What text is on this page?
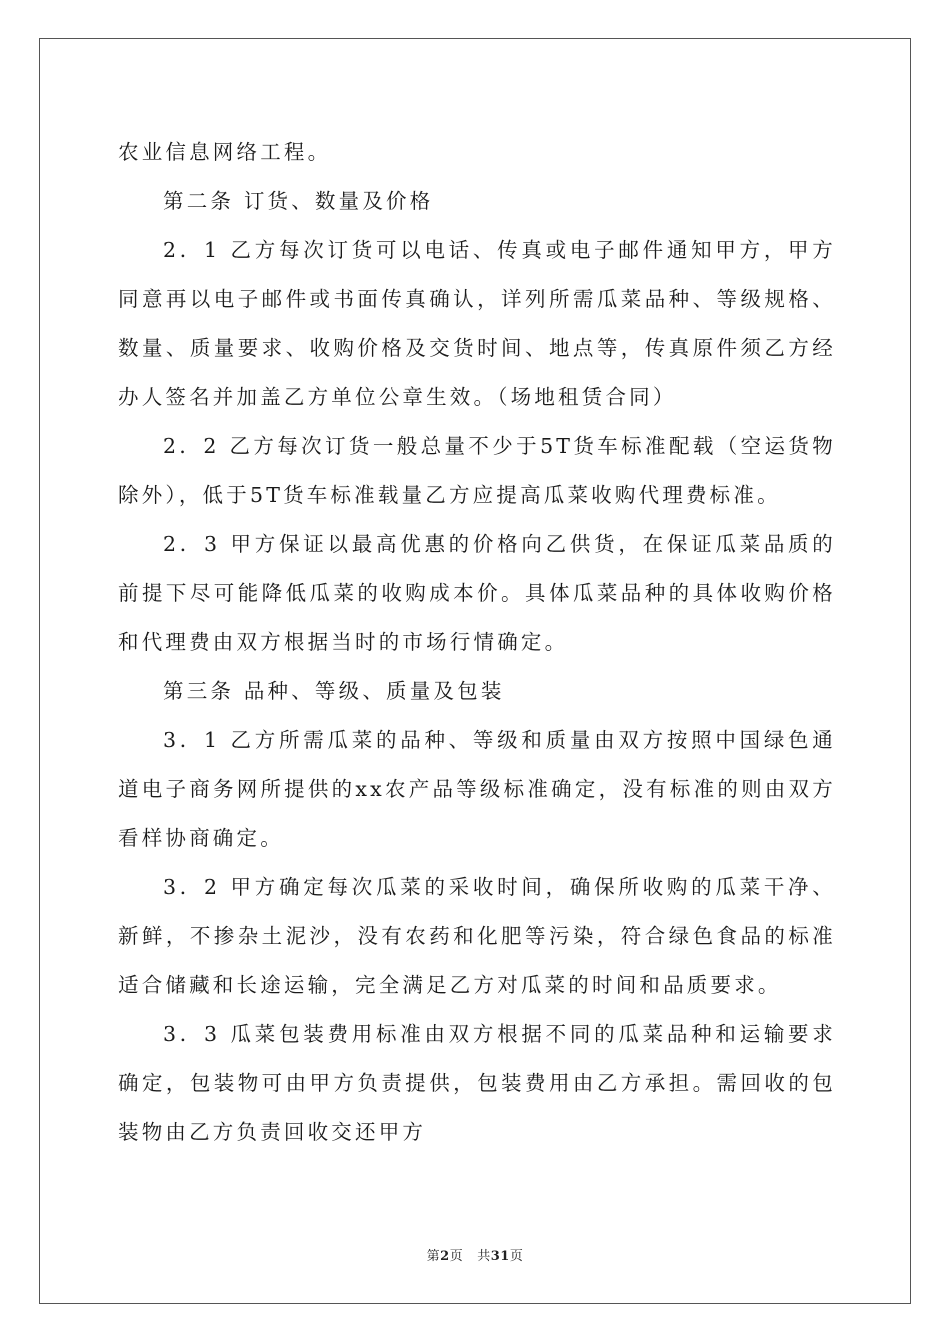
农业信息网络工程。

第二条 订货、数量及价格

2．1 乙方每次订货可以电话、传真或电子邮件通知甲方，甲方同意再以电子邮件或书面传真确认，详列所需瓜菜品种、等级规格、数量、质量要求、收购价格及交货时间、地点等，传真原件须乙方经办人签名并加盖乙方单位公章生效。（场地租赁合同）

2．2 乙方每次订货一般总量不少于5T货车标准配载（空运货物除外），低于5T货车标准载量乙方应提高瓜菜收购代理费标准。

2．3 甲方保证以最高优惠的价格向乙供货，在保证瓜菜品质的前提下尽可能降低瓜菜的收购成本价。具体瓜菜品种的具体收购价格和代理费由双方根据当时的市场行情确定。

第三条 品种、等级、质量及包装

3．1 乙方所需瓜菜的品种、等级和质量由双方按照中国绿色通道电子商务网所提供的xx农产品等级标准确定，没有标准的则由双方看样协商确定。

3．2 甲方确定每次瓜菜的采收时间，确保所收购的瓜菜干净、新鲜，不掺杂土泥沙，没有农药和化肥等污染，符合绿色食品的标准适合储藏和长途运输，完全满足乙方对瓜菜的时间和品质要求。

3．3 瓜菜包装费用标准由双方根据不同的瓜菜品种和运输要求确定，包装物可由甲方负责提供，包装费用由乙方承担。需回收的包装物由乙方负责回收交还甲方

第2页 共31页
